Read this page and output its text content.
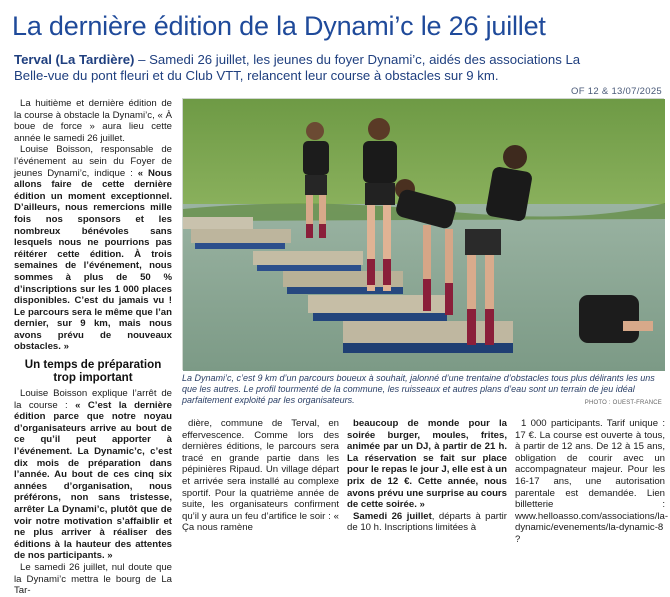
La dernière édition de la Dynami’c le 26 juillet
Terval (La Tardière) – Samedi 26 juillet, les jeunes du foyer Dynami’c, aidés des associations La Belle-vue du pont fleuri et du Club VTT, relancent leur course à obstacles sur 9 km.
OF 12 & 13/07/2025

La huitième et dernière édition de la course à obstacle la Dynami’c, « À boue de force » aura lieu cette année le samedi 26 juillet.

Louise Boisson, responsable de l’événement au sein du Foyer de jeunes Dynami’c, indique : « Nous allons faire de cette dernière édition un moment exceptionnel. D’ailleurs, nous remercions mille fois nos sponsors et les nombreux bénévoles sans lesquels nous ne pourrions pas réitérer cette édition. À trois semaines de l’événement, nous sommes à plus de 50 % d’inscriptions sur les 1 000 places disponibles. C’est du jamais vu ! Le parcours sera le même que l’an dernier, sur 9 km, mais nous avons prévu de nouveaux obstacles. »

Un temps de préparation trop important

Louise Boisson explique l’arrêt de la course : « C’est la dernière édition parce que notre noyau d’organisateurs arrive au bout de ce qu’il peut apporter à l’événement. La Dynamic’c, c’est dix mois de préparation dans l’année. Au bout de ces cinq six années d’organisation, nous préférons, non sans tristesse, arrêter La Dynami’c, plutôt que de voir notre motivation s’affaiblir et ne plus arriver à réaliser des éditions à la hauteur des attentes de nos participants. »

Le samedi 26 juillet, nul doute que la Dynami’c mettra le bourg de La Tar-

La Dynami’c, c’est 9 km d’un parcours boueux à souhait, jalonné d’une trentaine d’obstacles tous plus délirants les uns que les autres. Le profil tourmenté de la commune, les ruisseaux et autres plans d’eau sont un terrain de jeu idéal parfaitement exploité par les organisateurs.	PHOTO : OUEST-FRANCE

dière, commune de Terval, en effervescence. Comme lors des dernières éditions, le parcours sera tracé en grande partie dans les pépinières Ripaud. Un village départ et arrivée sera installé au complexe sportif. Pour la quatrième année de suite, les organisateurs confirment qu’il y aura un feu d’artifice le soir : « Ça nous ramène

beaucoup de monde pour la soirée burger, moules, frites, animée par un DJ, à partir de 21 h. La réservation se fait sur place pour le repas le jour J, elle est à un prix de 12 €. Cette année, nous avons prévu une surprise au cours de cette soirée. »

Samedi 26 juillet, départs à partir de 10 h. Inscriptions limitées à

1 000 participants. Tarif unique : 17 €. La course est ouverte à tous, à partir de 12 ans. De 12 à 15 ans, obligation de courir avec un accompagnateur majeur. Pour les 16-17 ans, une autorisation parentale est demandée. Lien billetterie : www.helloasso.com/associations/la-dynamic/evenements/la-dynamic-8 ?
